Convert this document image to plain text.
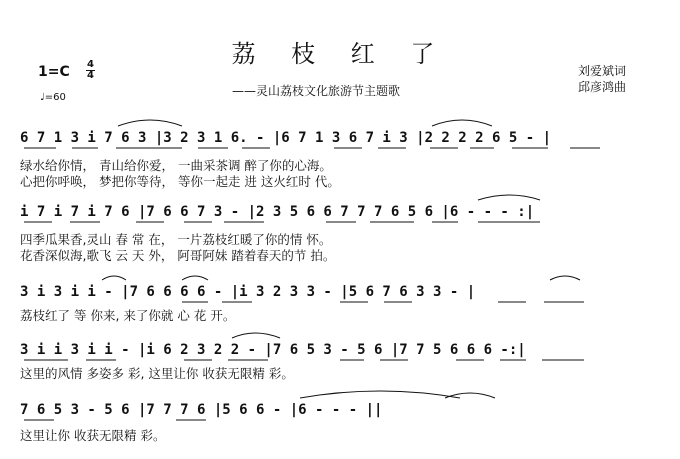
荔 枝 红 了
——灵山荔枝文化旅游节主题歌
刘爱斌词
邱彦鸿曲
1=C 4
4
♩=60
6 7 1 3 i 7 6 3 |3 2 3 1 6. - |6 7 1 3 6 7 i 3 |2 2 2 2 6 5 - |
绿水给你情， 青山给你爱， 一曲采茶调 醉了你的心海。
心把你呼唤， 梦把你等待， 等你一起走 进 这火红时 代。
i 7 i 7 i 7 6 |7 6 6 7 3 - |2 3 5 6 6 7 7 7 6 5 6 |6 - - - :|
四季瓜果香,灵山 春 常 在， 一片荔枝红暖了你的情 怀。
花香深似海,歌飞 云 天 外， 阿哥阿妹 踏着春天的节 拍。
3 i 3 i i - |7 6 6 6 6 - |i 3 2 3 3 - |5 6 7 6 3 3 - |
荔枝红了 等 你来, 来了你就 心 花 开。
3 i i 3 i i - |i 6 2 3 2 2 - |7 6 5 3 - 5 6 |7 7 5 6 6 6 -:|
这里的风情 多姿多 彩, 这里让你 收获无限精 彩。
7 6 5 3 - 5 6 |7 7 7 6 |5 6 6 - |6 - - - ||
这里让你 收获无限精 彩。
